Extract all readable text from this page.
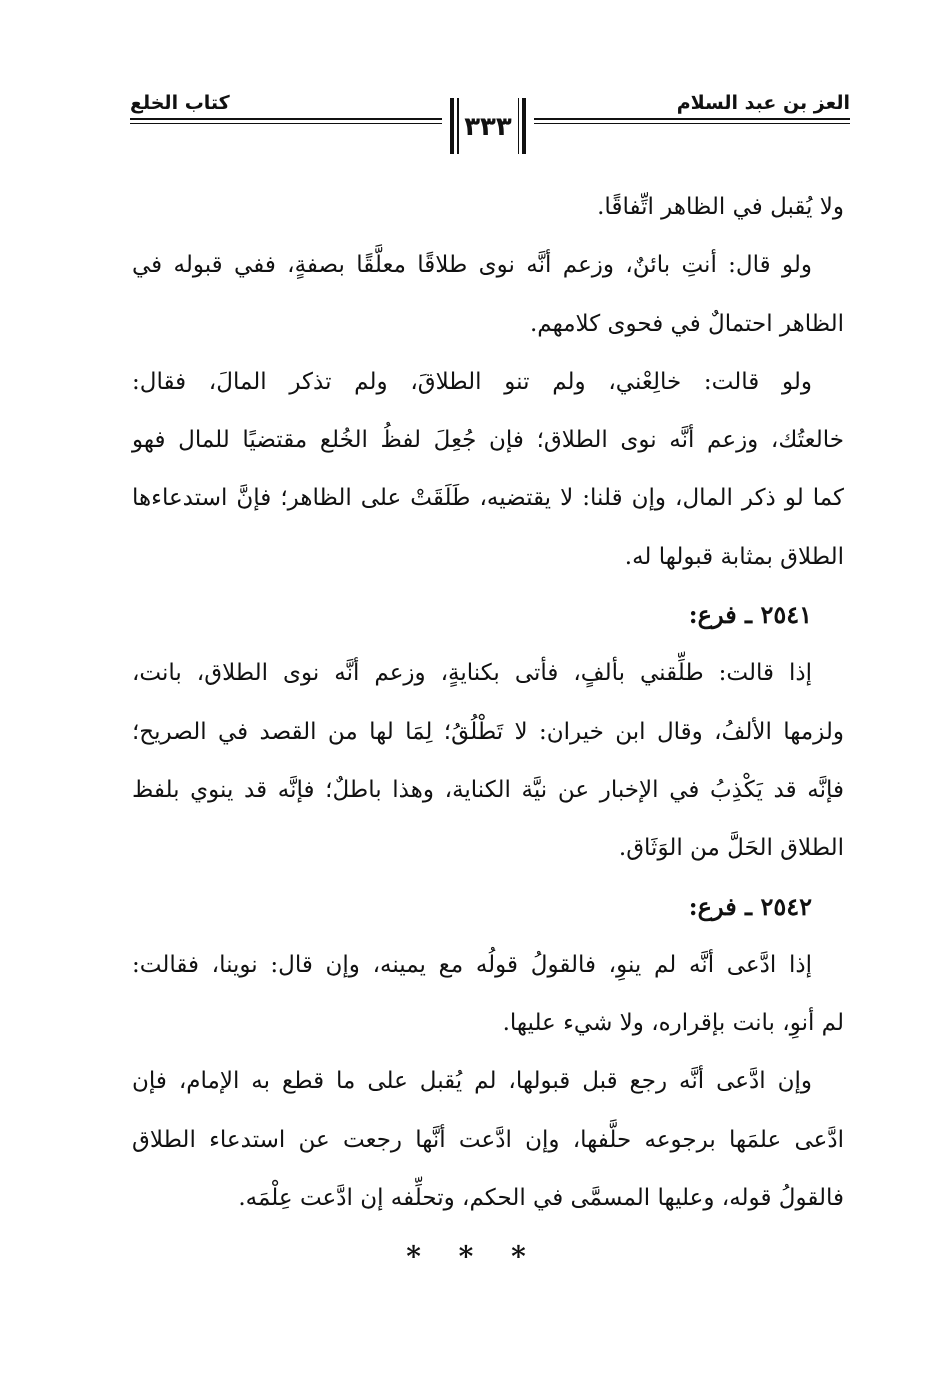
كتاب الخلع	العز بن عبد السلام
٣٣٣
ولا يُقبل في الظاهر اتِّفاقًا.
ولو قال: أنتِ بائنٌ، وزعم أنَّه نوى طلاقًا معلَّقًا بصفةٍ، ففي قبوله في
الظاهر احتمالٌ في فحوى كلامهم.
ولو قالت: خالِعْني، ولم تنو الطلاقَ، ولم تذكر المالَ، فقال:
خالعتُك، وزعم أنَّه نوى الطلاق؛ فإن جُعِلَ لفظُ الخُلع مقتضيًا للمال فهو
كما لو ذكر المال، وإن قلنا: لا يقتضيه، طَلَقَتْ على الظاهر؛ فإنَّ استدعاءها
الطلاق بمثابة قبولها له.
٢٥٤١ ـ فرع:
إذا قالت: طلِّقني بألفٍ، فأتى بكنايةٍ، وزعم أنَّه نوى الطلاق، بانت،
ولزمها الألفُ، وقال ابن خيران: لا تَطْلُقُ؛ لِمَا لها من القصد في الصريح؛
فإنَّه قد يَكْذِبُ في الإخبار عن نيَّة الكناية، وهذا باطلٌ؛ فإنَّه قد ينوي بلفظ
الطلاق الحَلَّ من الوَثَاق.
٢٥٤٢ ـ فرع:
إذا ادَّعى أنَّه لم ينوِ، فالقولُ قولُه مع يمينه، وإن قال: نوينا، فقالت:
لم أنوِ، بانت بإقراره، ولا شيء عليها.
وإن ادَّعى أنَّه رجع قبل قبولها، لم يُقبل على ما قطع به الإمام، فإن
ادَّعى علمَها برجوعه حلَّفها، وإن ادَّعت أنَّها رجعت عن استدعاء الطلاق
فالقولُ قوله، وعليها المسمَّى في الحكم، وتحلِّفه إن ادَّعت عِلْمَه.
* * *
